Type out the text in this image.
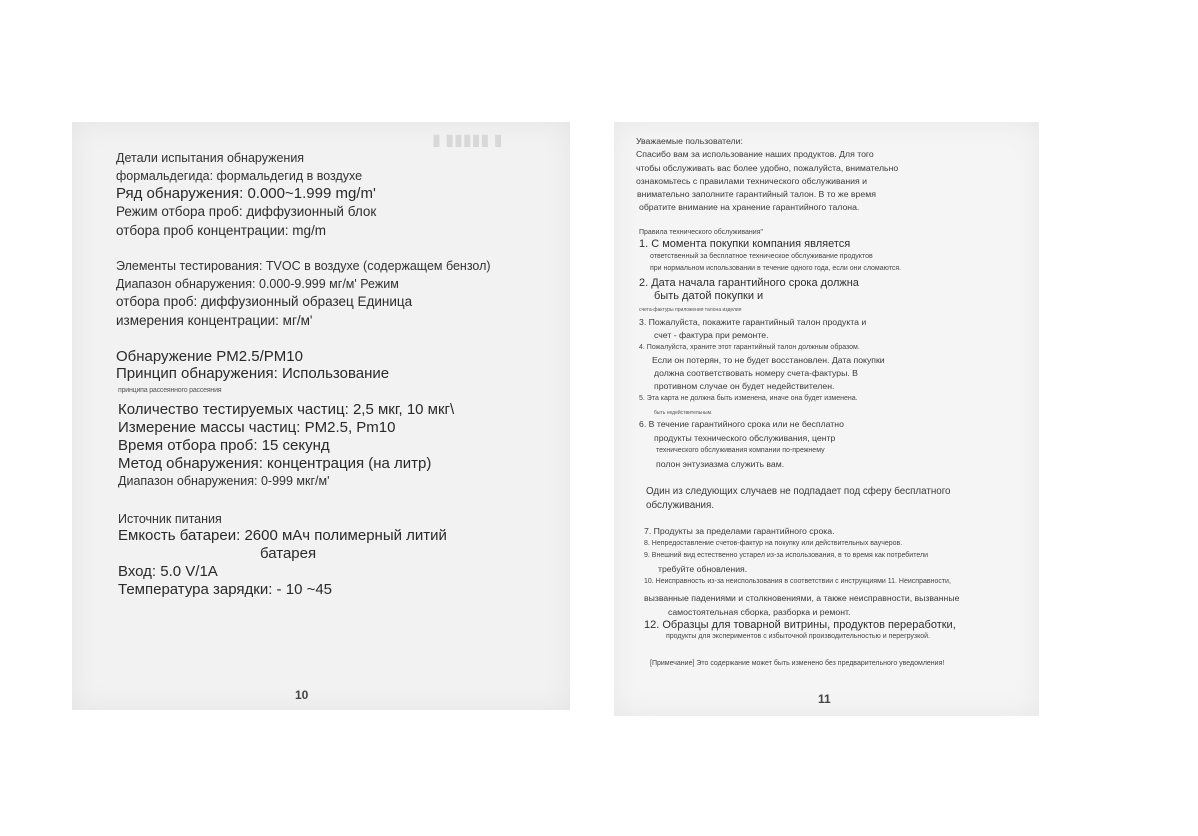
▮ ▮▮▮▮▮ ▮
Детали испытания обнаружения
формальдегида: формальдегид в воздухе
Ряд обнаружения: 0.000~1.999 mg/m'
Режим отбора проб: диффузионный блок
отбора проб концентрации: mg/m
Элементы тестирования: TVOC в воздухе (содержащем бензол)
Диапазон обнаружения: 0.000-9.999 мг/м' Режим
отбора проб: диффузионный образец Единица
измерения концентрации: мг/м'
Обнаружение PM2.5/PM10
Принцип обнаружения: Использование
принципа рассеянного рассеяния
Количество тестируемых частиц: 2,5 мкг, 10 мкг\
Измерение массы частиц: PM2.5, Pm10
Время отбора проб: 15 секунд
Метод обнаружения: концентрация (на литр)
Диапазон обнаружения: 0-999 мкг/м'
Источник питания
Емкость батареи: 2600 мАч полимерный литий
батарея
Вход: 5.0 V/1A
Температура зарядки: - 10 ~45
10
Уважаемые пользователи:
Спасибо вам за использование наших продуктов. Для того
чтобы обслуживать вас более удобно, пожалуйста, внимательно
ознакомьтесь с правилами технического обслуживания и
внимательно заполните гарантийный талон. В то же время
обратите внимание на хранение гарантийного талона.
Правила технического обслуживания"
1. С момента покупки компания является
ответственный за бесплатное техническое обслуживание продуктов
при нормальном использовании в течение одного года, если они сломаются.
2. Дата начала гарантийного срока должна
быть датой покупки и
счета-фактуры приложения талона изделия
3. Пожалуйста, покажите гарантийный талон продукта и
счет - фактура при ремонте.
4. Пожалуйста, храните этот гарантийный талон должным образом.
Если он потерян, то не будет восстановлен. Дата покупки
должна соответствовать номеру счета-фактуры. В
противном случае он будет недействителен.
5. Эта карта не должна быть изменена, иначе она будет изменена.
быть недействительным.
6. В течение гарантийного срока или не бесплатно
продукты технического обслуживания, центр
технического обслуживания компании по-прежнему
полон энтузиазма служить вам.
Один из следующих случаев не подпадает под сферу бесплатного
обслуживания.
7. Продукты за пределами гарантийного срока.
8. Непредоставление счетов-фактур на покупку или действительных ваучеров.
9. Внешний вид естественно устарел из-за использования, в то время как потребители
требуйте обновления.
10. Неисправность из-за неиспользования в соответствии с инструкциями 11. Неисправности,
вызванные падениями и столкновениями, а также неисправности, вызванные
самостоятельная сборка, разборка и ремонт.
12. Образцы для товарной витрины, продуктов переработки,
продукты для экспериментов с избыточной производительностью и перегрузкой.
[Примечание] Это содержание может быть изменено без предварительного уведомления!
11
